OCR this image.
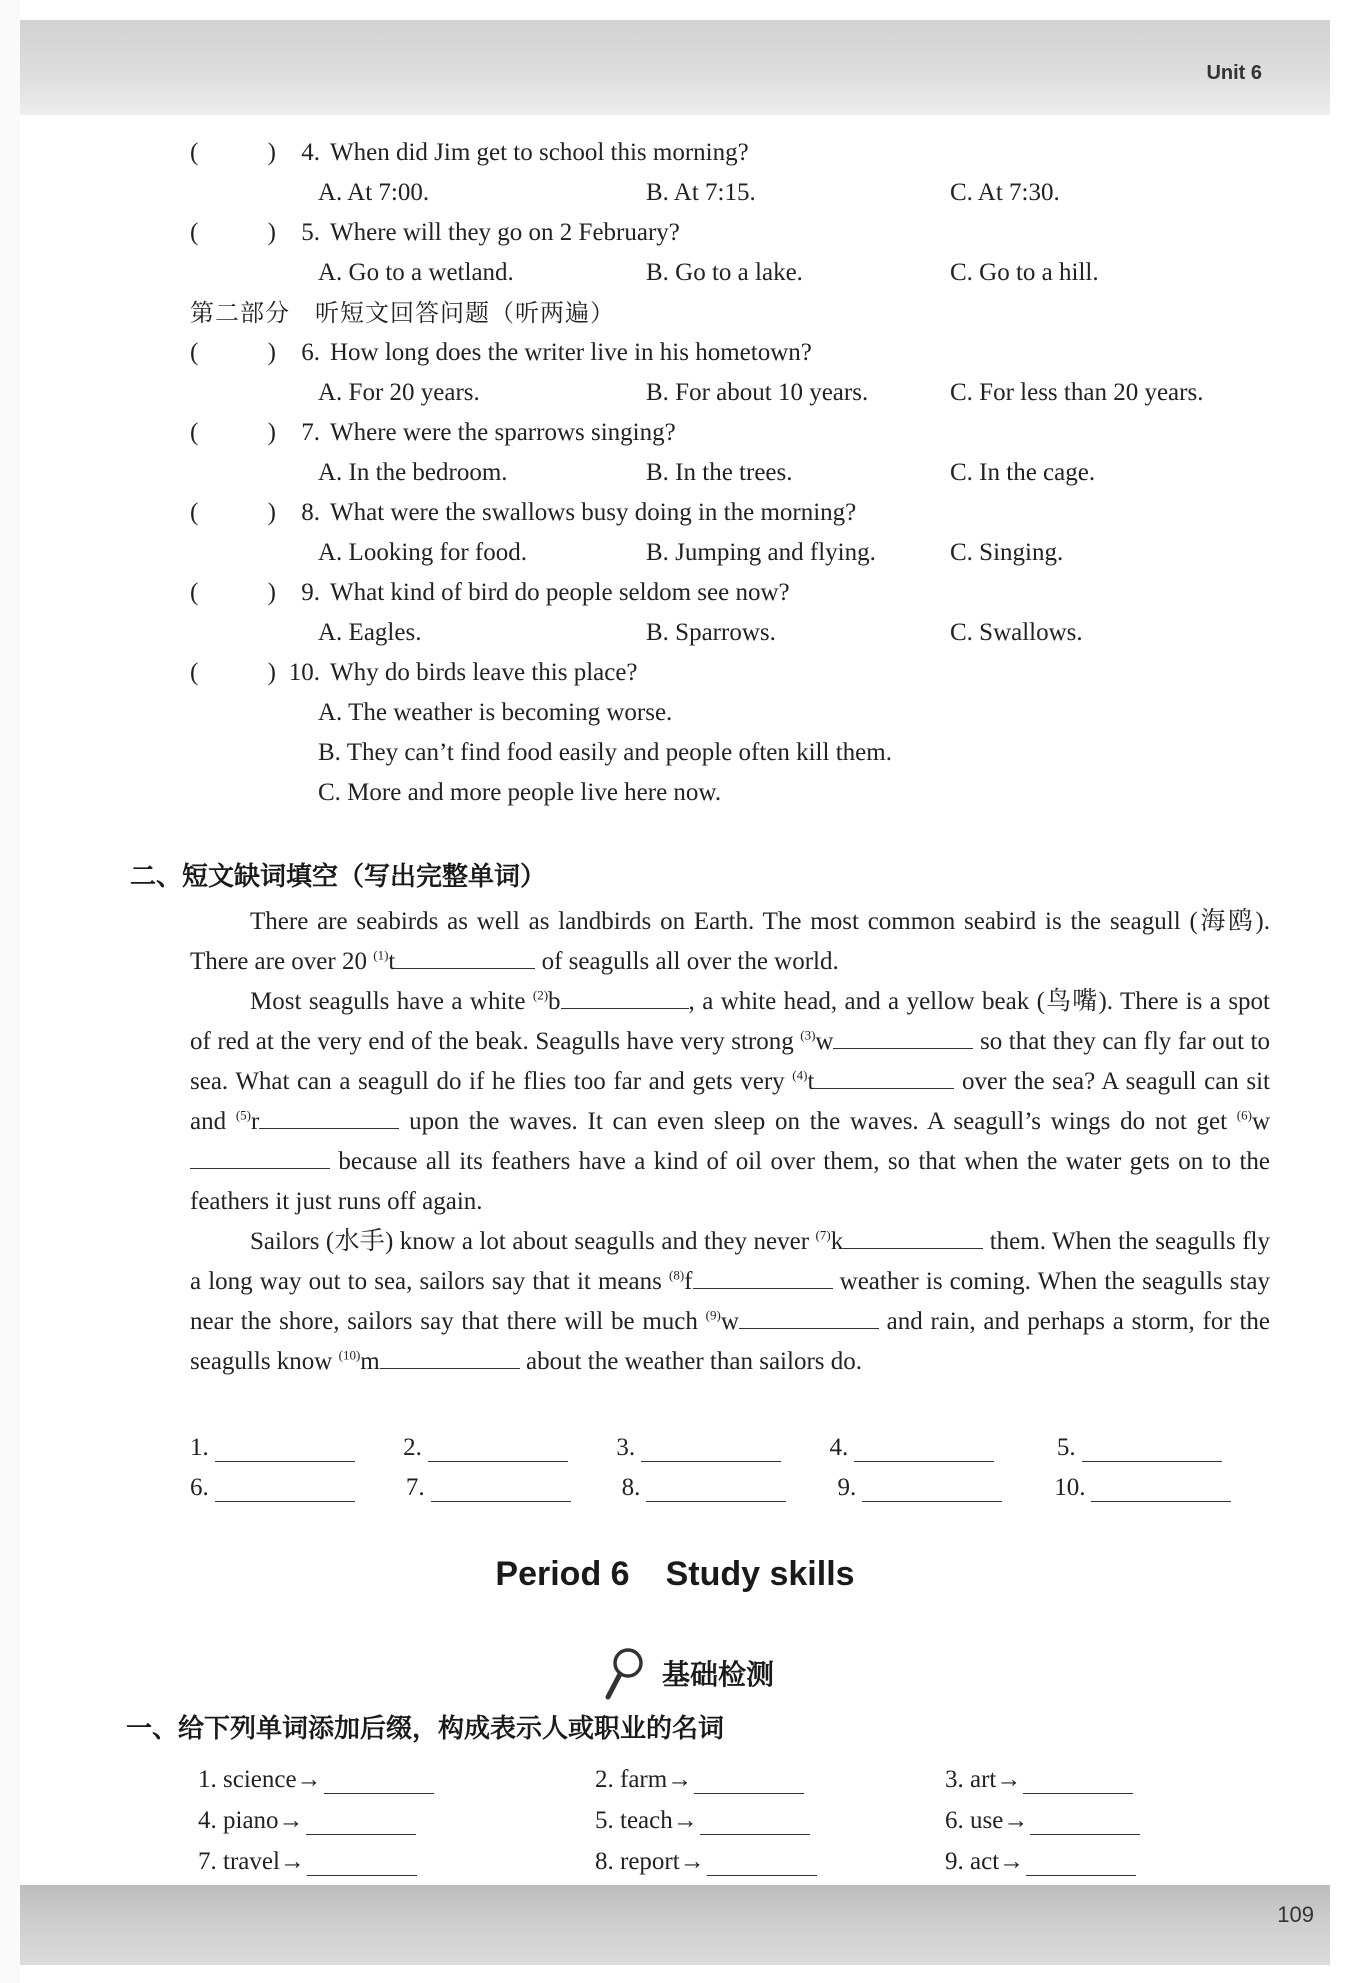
Unit 6
109
(	)	4. When did Jim get to school this morning?
A. At 7:00.	B. At 7:15.	C. At 7:30.
(	)	5. Where will they go on 2 February?
A. Go to a wetland.	B. Go to a lake.	C. Go to a hill.
第二部分　听短文回答问题（听两遍）
(	)	6. How long does the writer live in his hometown?
A. For 20 years.	B. For about 10 years.	C. For less than 20 years.
(	)	7. Where were the sparrows singing?
A. In the bedroom.	B. In the trees.	C. In the cage.
(	)	8. What were the swallows busy doing in the morning?
A. Looking for food.	B. Jumping and flying.	C. Singing.
(	)	9. What kind of bird do people seldom see now?
A. Eagles.	B. Sparrows.	C. Swallows.
(	) 10. Why do birds leave this place?
A. The weather is becoming worse.
B. They can’t find food easily and people often kill them.
C. More and more people live here now.
二、短文缺词填空（写出完整单词）

There are seabirds as well as landbirds on Earth. The most common seabird is the seagull (海鸥). There are over 20 $^{(1)}$t	of seagulls all over the world.

Most seagulls have a white $^{(2)}$b	, a white head, and a yellow beak (鸟嘴). There is a spot of red at the very end of the beak. Seagulls have very strong $^{(3)}$w	so that they can fly far out to sea. What can a seagull do if he flies too far and gets very $^{(4)}$t	over the sea? A seagull can sit and $^{(5)}$r	upon the waves. It can even sleep on the waves. A seagull’s wings do not get $^{(6)}$w because all its feathers have a kind of oil over them, so that when the water gets on to the feathers it just runs off again.

Sailors (水手) know a lot about seagulls and they never $^{(7)}$k	them. When the seagulls fly a long way out to sea, sailors say that it means $^{(8)}$f	weather is coming. When the seagulls stay near the shore, sailors say that there will be much $^{(9)}$w	and rain, and perhaps a storm, for the seagulls know $^{(10)}$m	about the weather than sailors do.

1.	2.	3.	4.	5.
6.	7.	8.	9.	10.
Period 6 Study skills
基础检测
一、给下列单词添加后缀，构成表示人或职业的名词
1. science→	2. farm→	3. art→
4. piano→	5. teach→	6. use→
7. travel→	8. report→	9. act→
